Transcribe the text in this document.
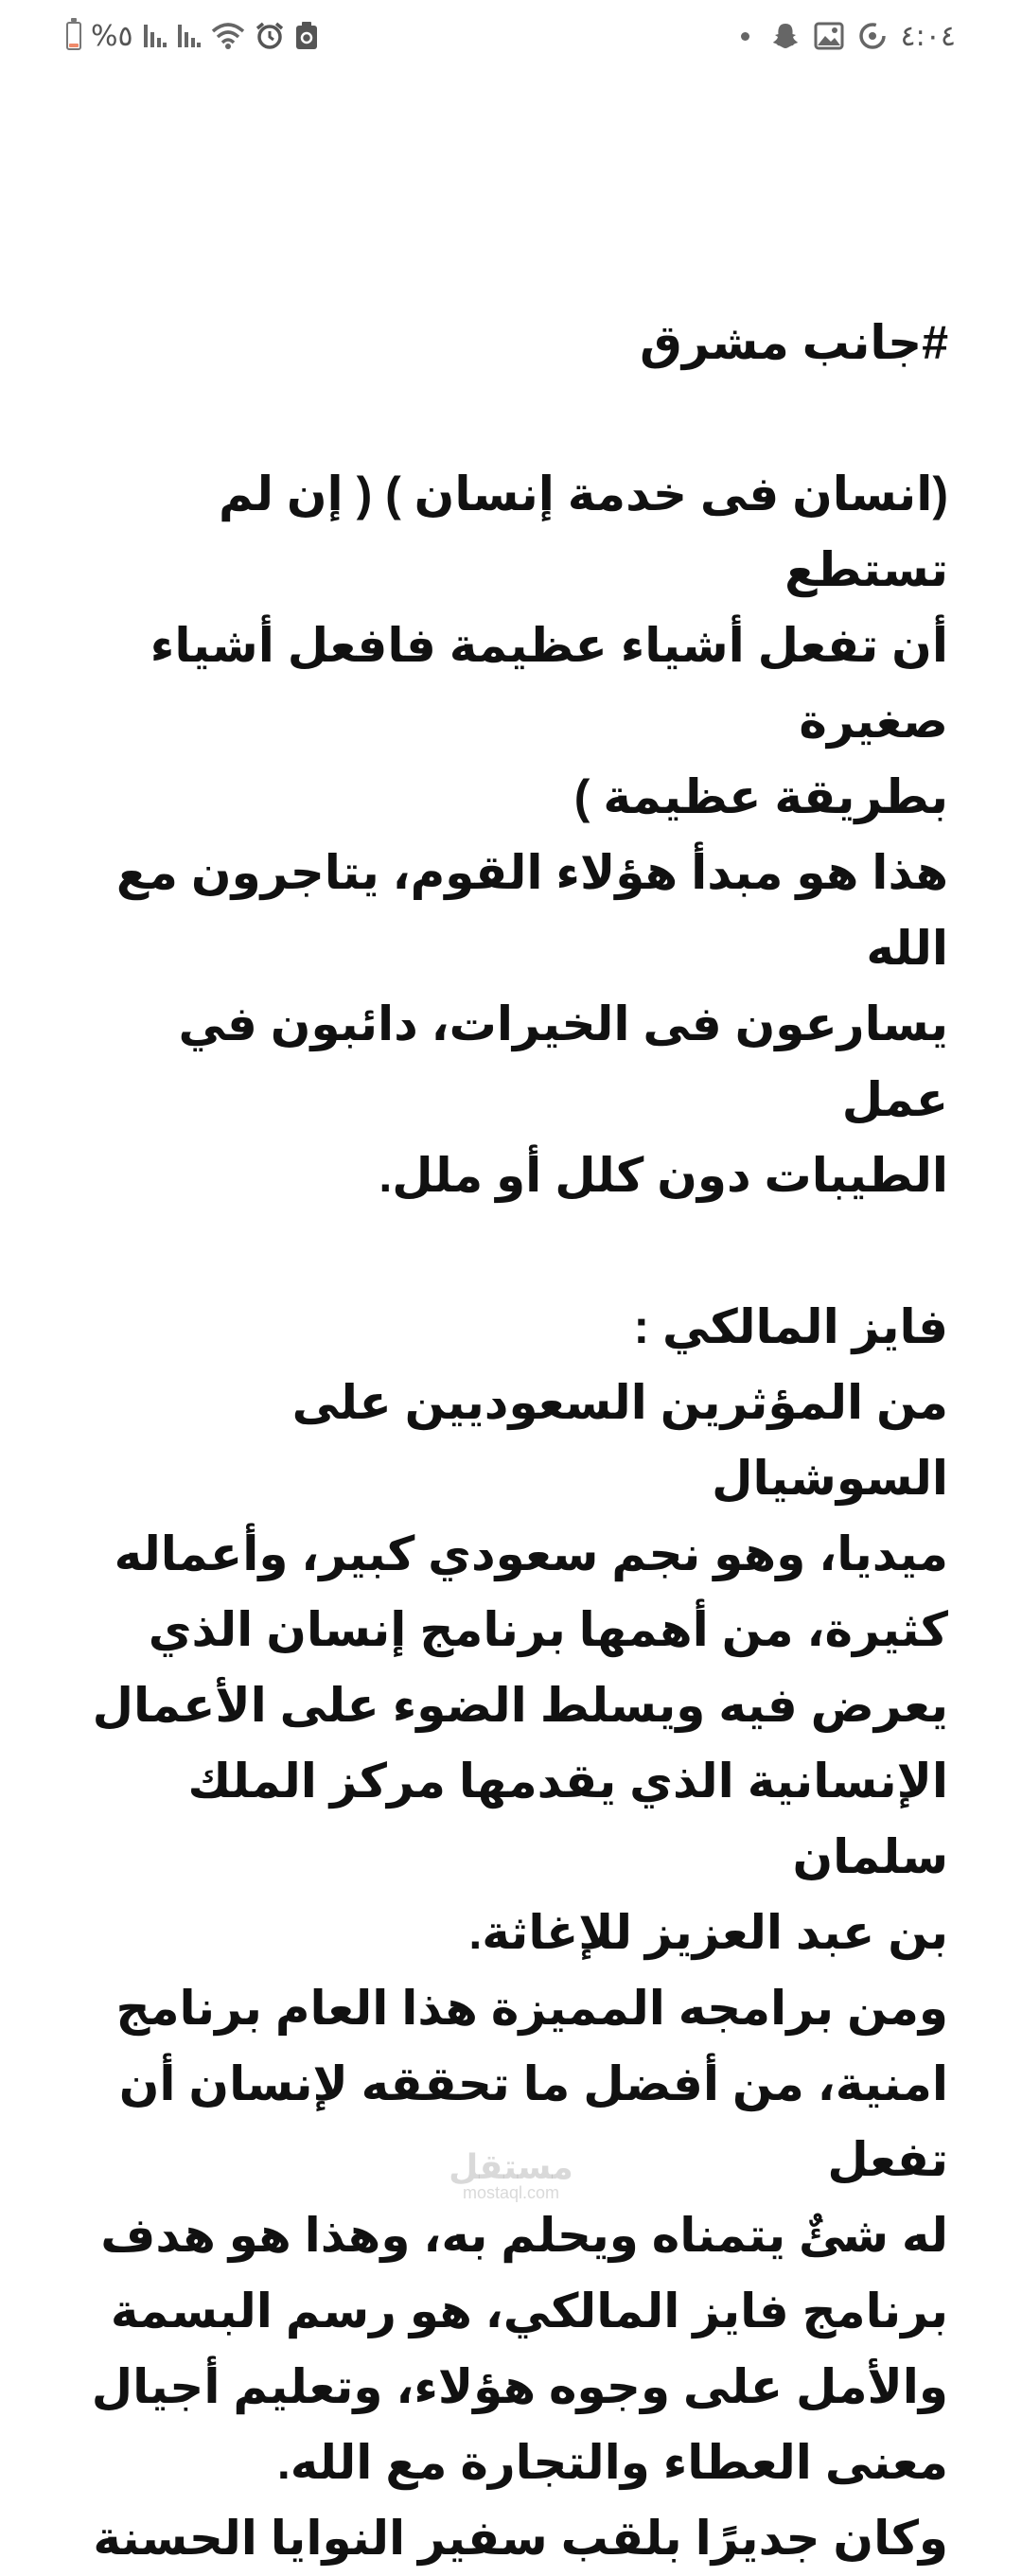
%٥	٤:٠٤

#جانب مشرق

(انسان فى خدمة إنسان ) ( إن لم تستطع
أن تفعل أشياء عظيمة فافعل أشياء صغيرة
بطريقة عظيمة )
هذا هو مبدأ هؤلاء القوم، يتاجرون مع الله
يسارعون فى الخيرات، دائبون في عمل
الطيبات دون كلل أو ملل.

فايز المالكي :

من المؤثرين السعوديين على السوشيال
ميديا، وهو نجم سعودي كبير، وأعماله
كثيرة، من أهمها برنامج إنسان الذي
يعرض فيه ويسلط الضوء على الأعمال
الإنسانية الذي يقدمها مركز الملك سلمان
بن عبد العزيز للإغاثة.

ومن برامجه المميزة هذا العام برنامج
امنية، من أفضل ما تحققه لإنسان أن تفعل
له شئٌ يتمناه ويحلم به، وهذا هو هدف
برنامج فايز المالكي، هو رسم البسمة
والأمل على وجوه هؤلاء، وتعليم أجيال
معنى العطاء والتجارة مع الله.

وكان جديرًا بلقب سفير النوايا الحسنة

مستقل
mostaql.com
